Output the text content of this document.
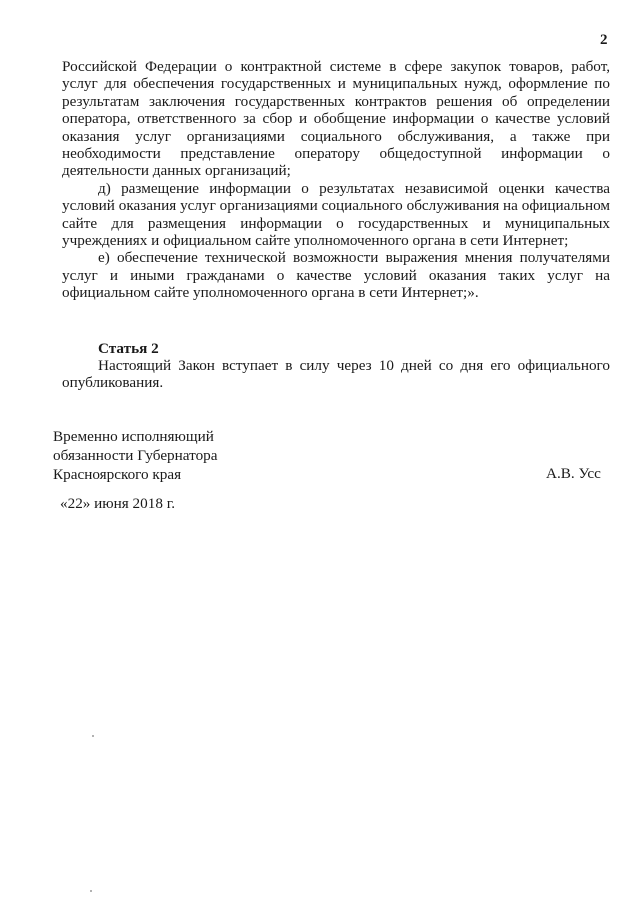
2

Российской Федерации о контрактной системе в сфере закупок товаров, работ, услуг для обеспечения государственных и муниципальных нужд, оформление по результатам заключения государственных контрактов решения об определении оператора, ответственного за сбор и обобщение информации о качестве условий оказания услуг организациями социального обслуживания, а также при необходимости представление оператору общедоступной информации о деятельности данных организаций;

д) размещение информации о результатах независимой оценки качества условий оказания услуг организациями социального обслуживания на официальном сайте для размещения информации о государственных и муниципальных учреждениях и официальном сайте уполномоченного органа в сети Интернет;

е) обеспечение технической возможности выражения мнения получателями услуг и иными гражданами о качестве условий оказания таких услуг на официальном сайте уполномоченного органа в сети Интернет;».

Статья 2

Настоящий Закон вступает в силу через 10 дней со дня его официального опубликования.

Временно исполняющий
обязанности Губернатора
Красноярского края	А.В. Усс
«22» июня 2018 г.
